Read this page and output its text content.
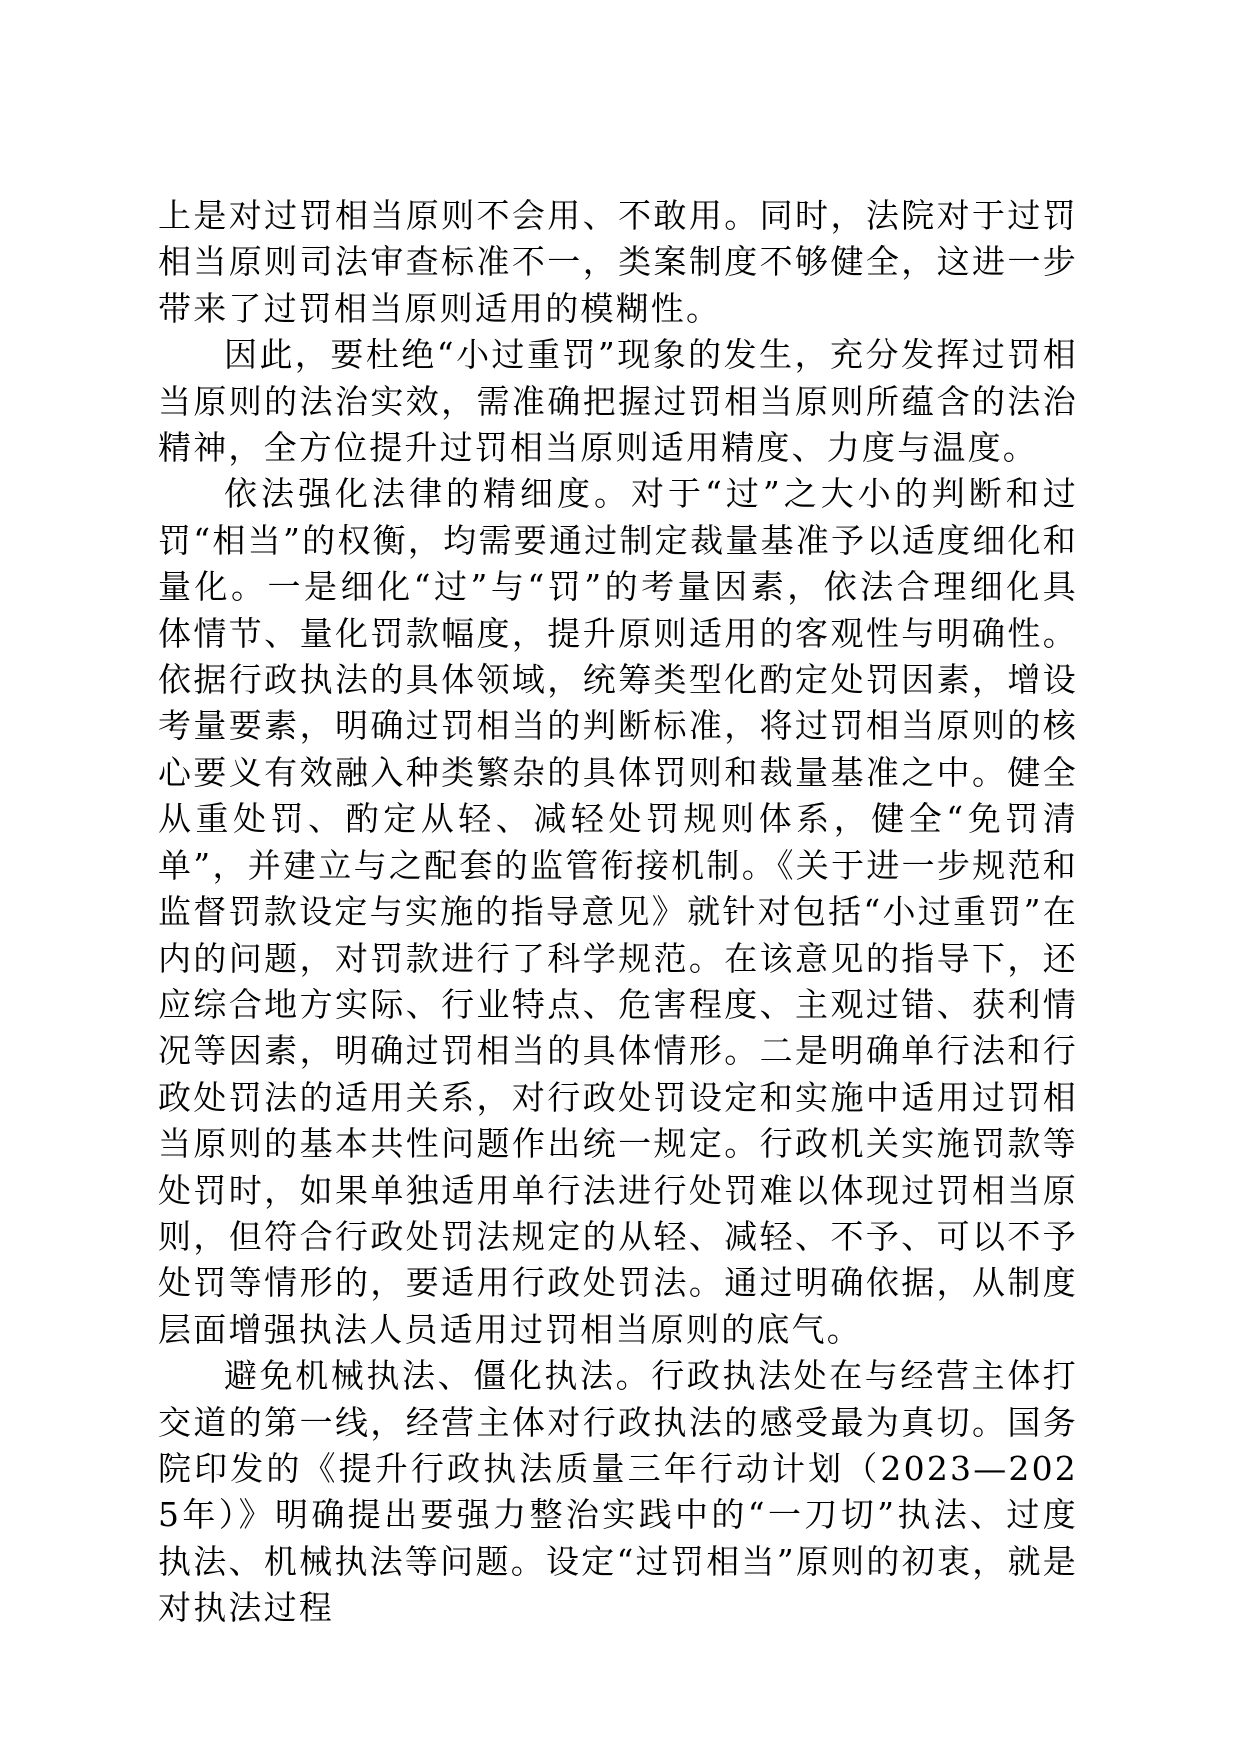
上是对过罚相当原则不会用、不敢用。同时，法院对于过罚相当原则司法审查标准不一，类案制度不够健全，这进一步带来了过罚相当原则适用的模糊性。

因此，要杜绝“小过重罚”现象的发生，充分发挥过罚相当原则的法治实效，需准确把握过罚相当原则所蕴含的法治精神，全方位提升过罚相当原则适用精度、力度与温度。

依法强化法律的精细度。对于“过”之大小的判断和过罚“相当”的权衡，均需要通过制定裁量基准予以适度细化和量化。一是细化“过”与“罚”的考量因素，依法合理细化具体情节、量化罚款幅度，提升原则适用的客观性与明确性。依据行政执法的具体领域，统筹类型化酌定处罚因素，增设考量要素，明确过罚相当的判断标准，将过罚相当原则的核心要义有效融入种类繁杂的具体罚则和裁量基准之中。健全从重处罚、酌定从轻、减轻处罚规则体系，健全“免罚清单”，并建立与之配套的监管衔接机制。《关于进一步规范和监督罚款设定与实施的指导意见》就针对包括“小过重罚”在内的问题，对罚款进行了科学规范。在该意见的指导下，还应综合地方实际、行业特点、危害程度、主观过错、获利情况等因素，明确过罚相当的具体情形。二是明确单行法和行政处罚法的适用关系，对行政处罚设定和实施中适用过罚相当原则的基本共性问题作出统一规定。行政机关实施罚款等处罚时，如果单独适用单行法进行处罚难以体现过罚相当原则，但符合行政处罚法规定的从轻、减轻、不予、可以不予处罚等情形的，要适用行政处罚法。通过明确依据，从制度层面增强执法人员适用过罚相当原则的底气。

避免机械执法、僵化执法。行政执法处在与经营主体打交道的第一线，经营主体对行政执法的感受最为真切。国务院印发的《提升行政执法质量三年行动计划（2023—2025年）》明确提出要强力整治实践中的“一刀切”执法、过度执法、机械执法等问题。设定“过罚相当”原则的初衷，就是对执法过程
